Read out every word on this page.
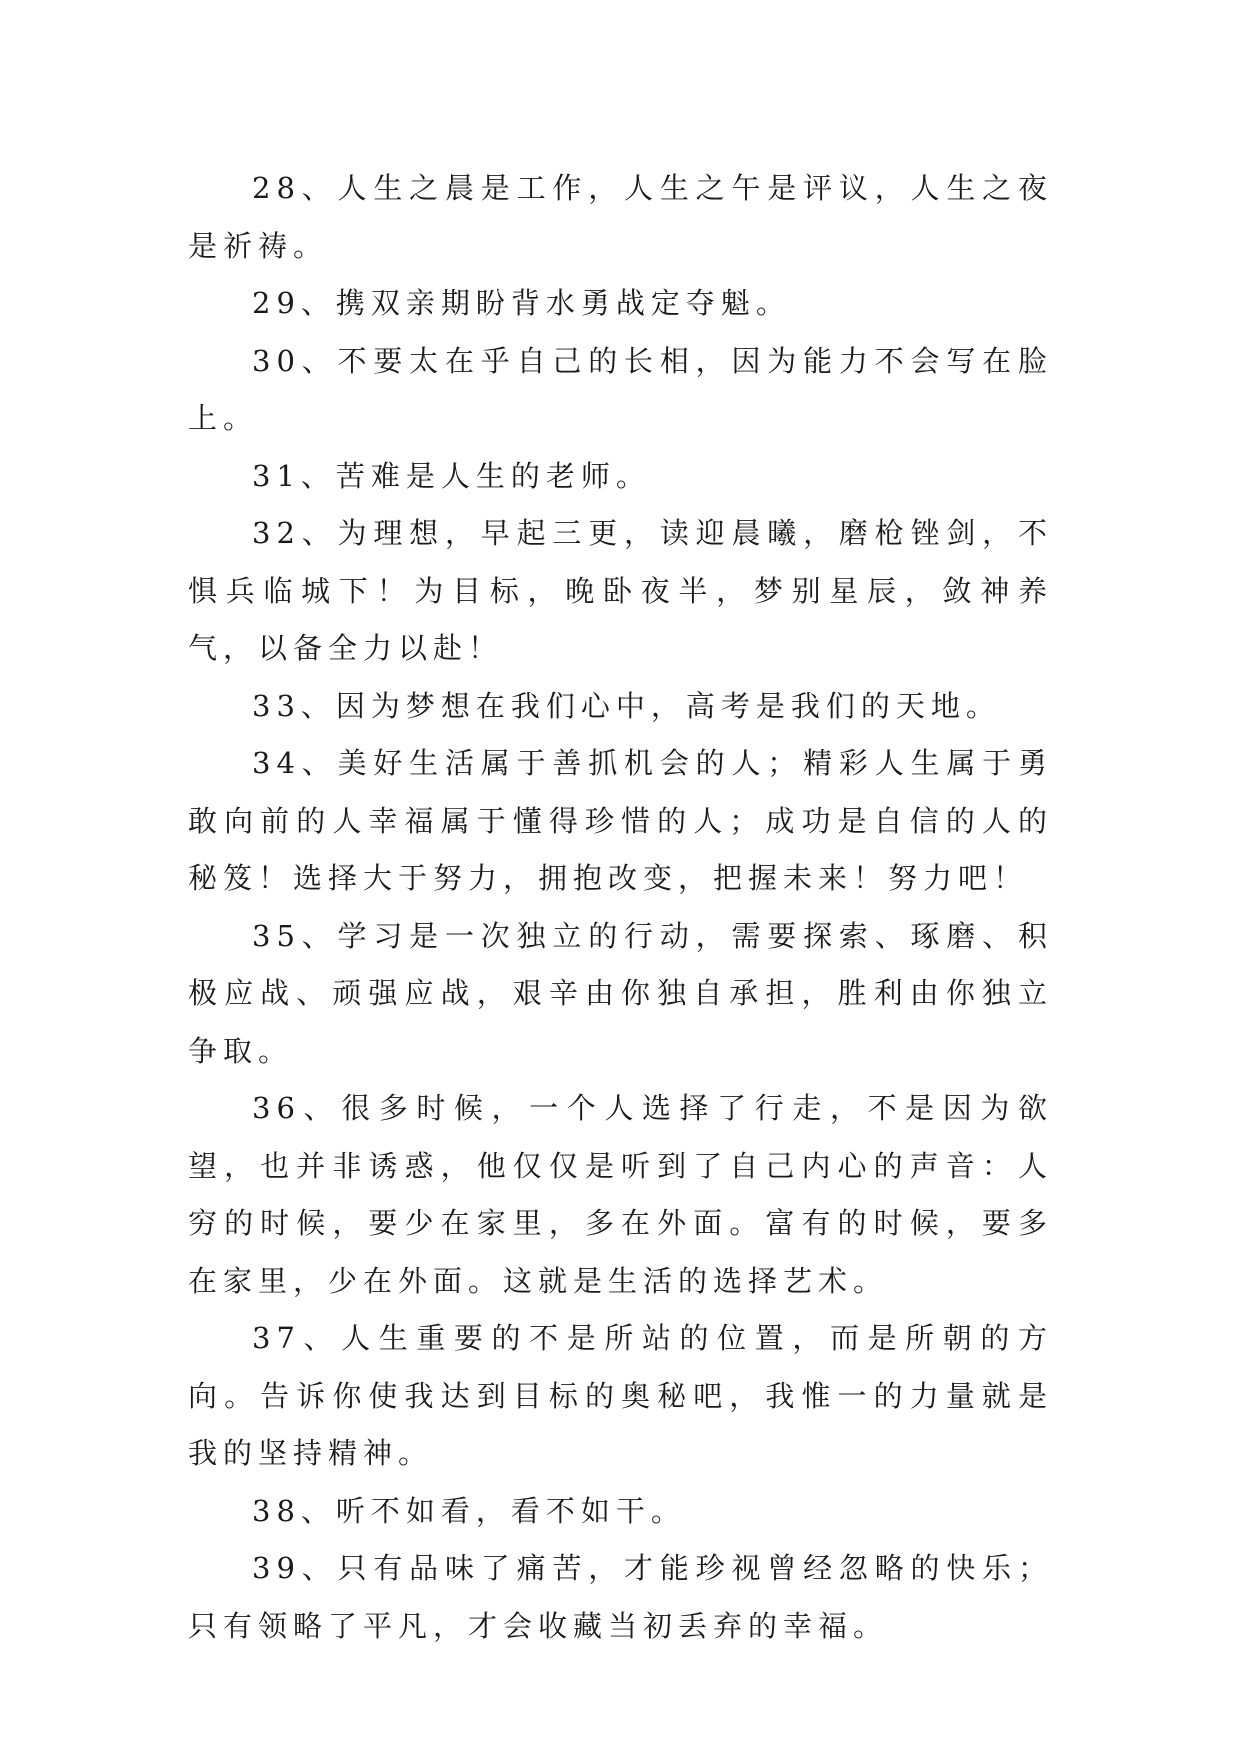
28、人生之晨是工作，人生之午是评议，人生之夜是祈祷。

29、携双亲期盼背水勇战定夺魁。

30、不要太在乎自己的长相，因为能力不会写在脸上。

31、苦难是人生的老师。

32、为理想，早起三更，读迎晨曦，磨枪锉剑，不惧兵临城下！为目标，晚卧夜半，梦别星辰，敛神养气，以备全力以赴！

33、因为梦想在我们心中，高考是我们的天地。

34、美好生活属于善抓机会的人；精彩人生属于勇敢向前的人幸福属于懂得珍惜的人；成功是自信的人的秘笈！选择大于努力，拥抱改变，把握未来！努力吧！

35、学习是一次独立的行动，需要探索、琢磨、积极应战、顽强应战，艰辛由你独自承担，胜利由你独立争取。

36、很多时候，一个人选择了行走，不是因为欲望，也并非诱惑，他仅仅是听到了自己内心的声音：人穷的时候，要少在家里，多在外面。富有的时候，要多在家里，少在外面。这就是生活的选择艺术。

37、人生重要的不是所站的位置，而是所朝的方向。告诉你使我达到目标的奥秘吧，我惟一的力量就是我的坚持精神。

38、听不如看，看不如干。

39、只有品味了痛苦，才能珍视曾经忽略的快乐；只有领略了平凡，才会收藏当初丢弃的幸福。
